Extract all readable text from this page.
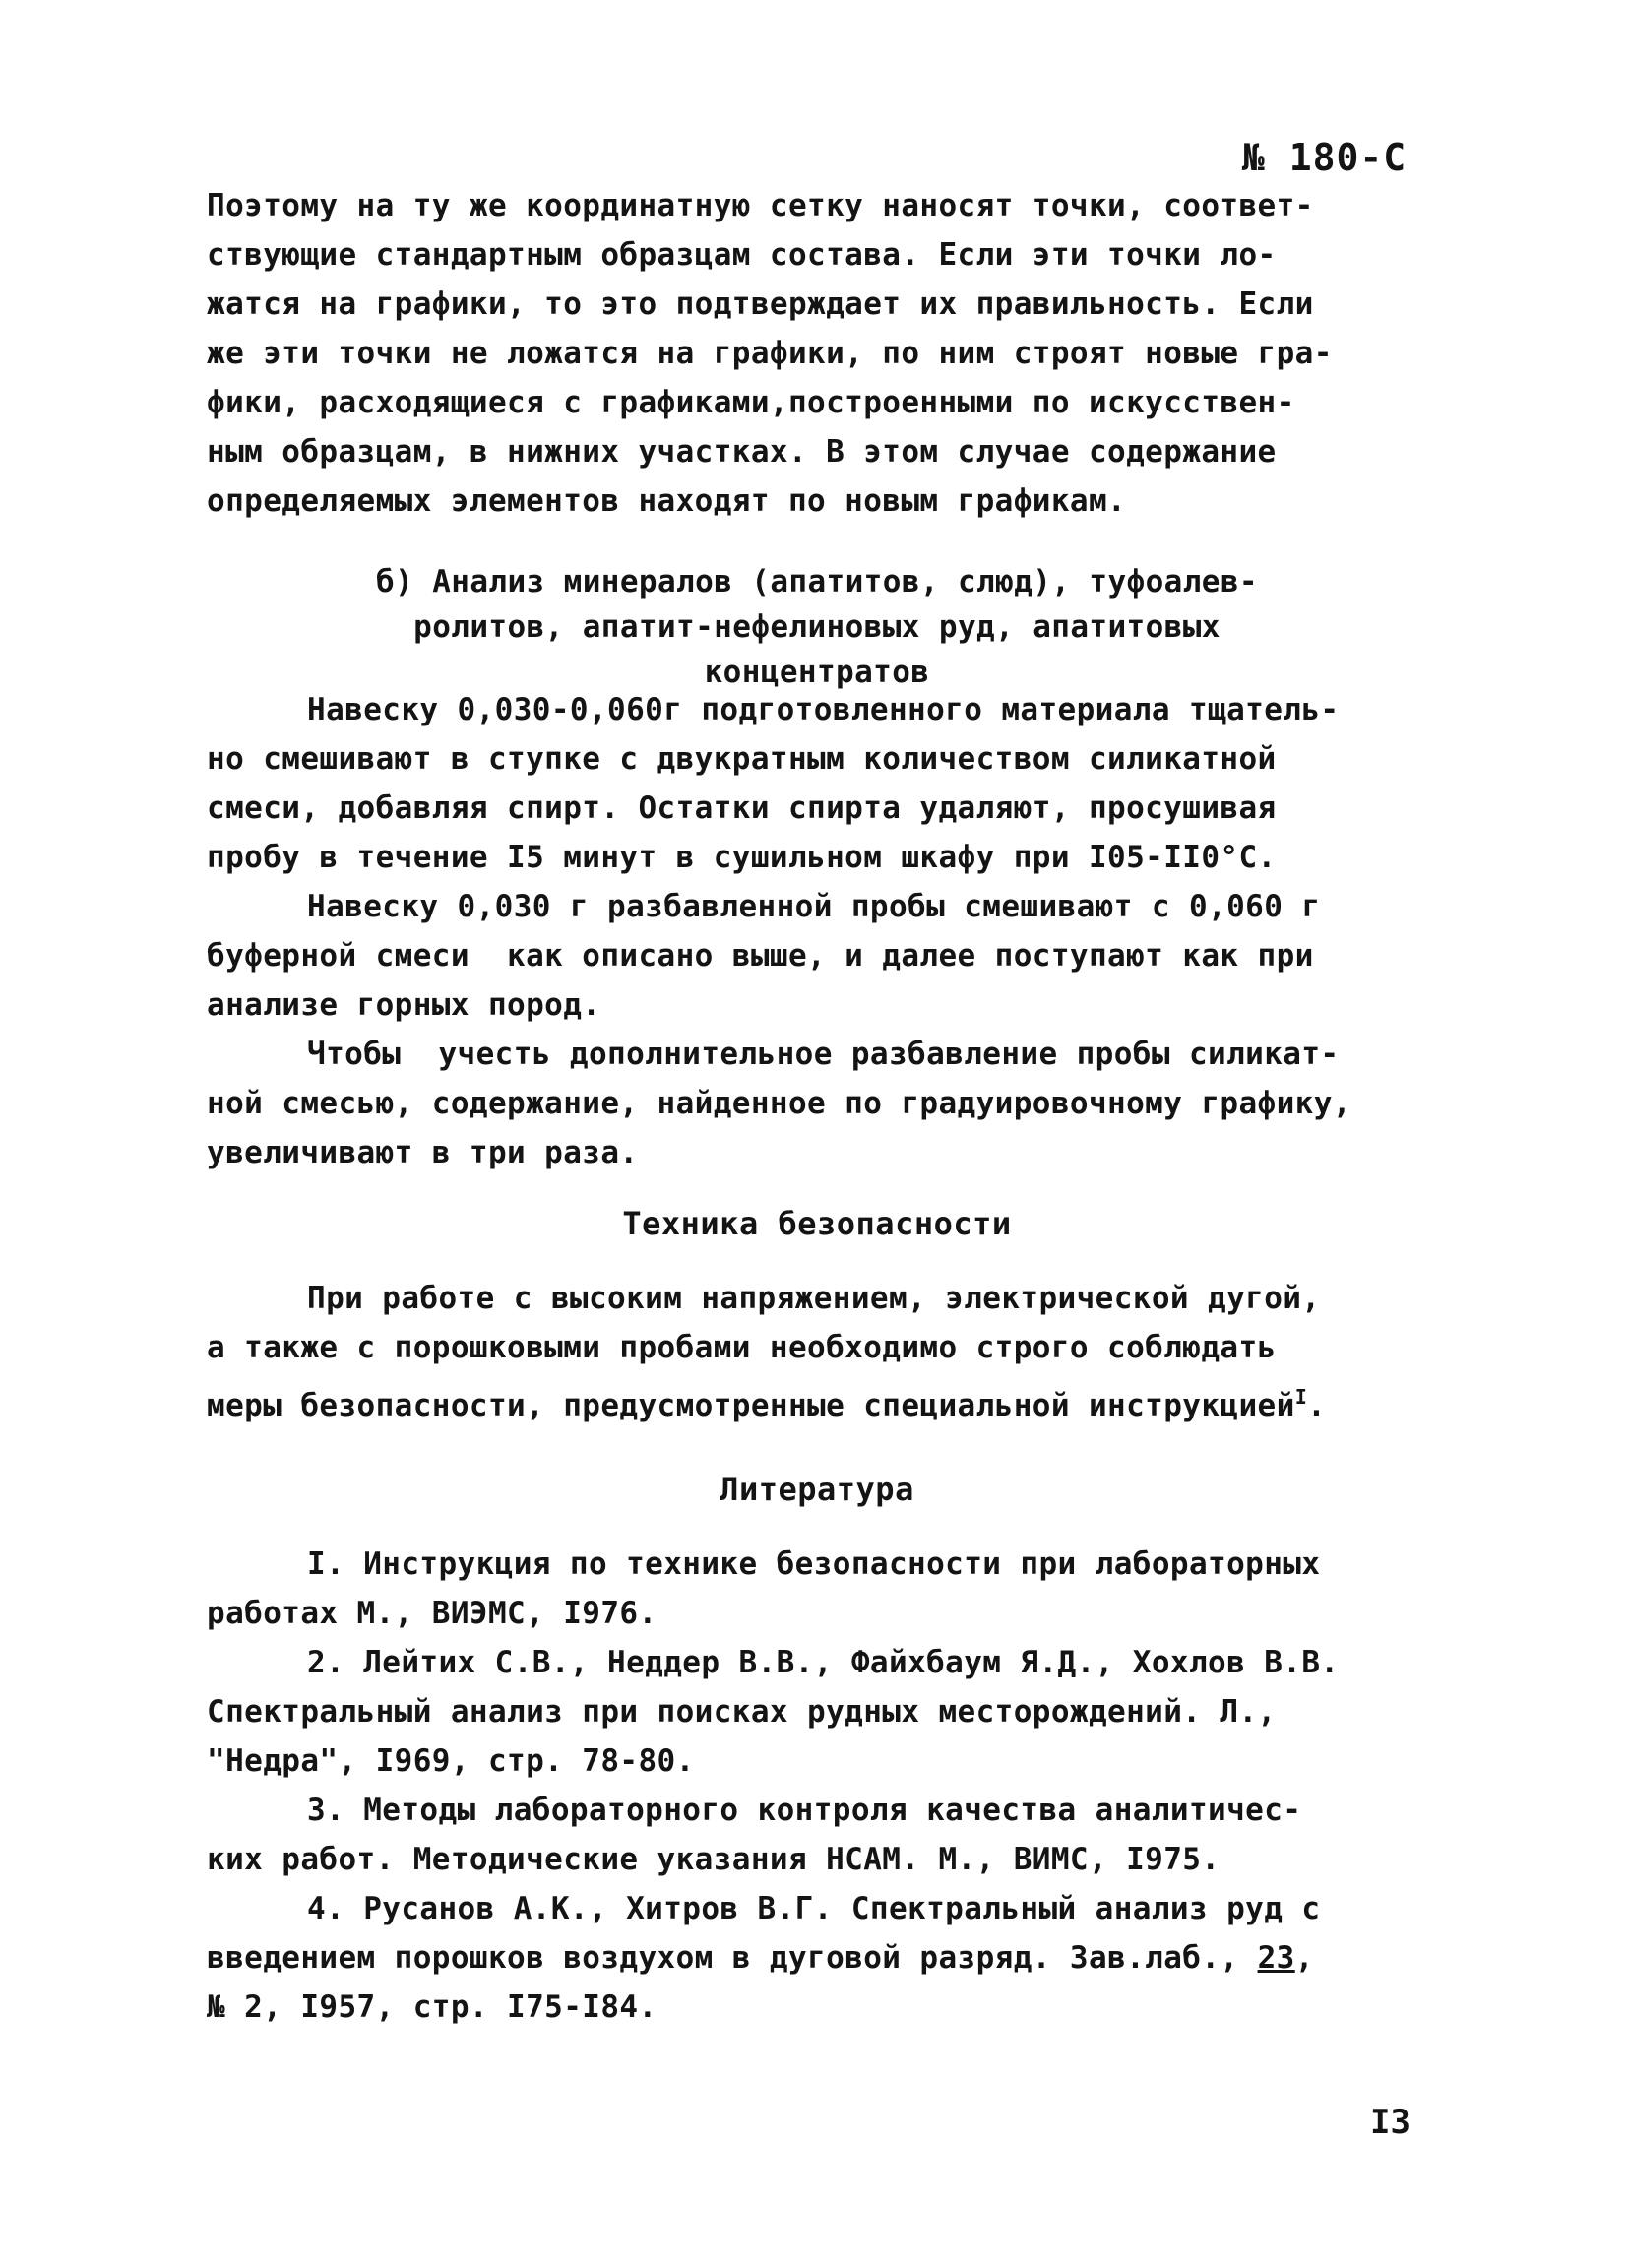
№ 180-С
Поэтому на ту же координатную сетку наносят точки, соответ-
ствующие стандартным образцам состава. Если эти точки ло-
жатся на графики, то это подтверждает их правильность. Если
же эти точки не ложатся на графики, по ним строят новые гра-
фики, расходящиеся с графиками,построенными по искусствен-
ным образцам, в нижних участках. В этом случае содержание
определяемых элементов находят по новым графикам.
б) Анализ минералов (апатитов, слюд), туфоалев-
ролитов, апатит-нефелиновых руд, апатитовых
концентратов
Навеску 0,030-0,060г подготовленного материала тщатель-
но смешивают в ступке с двукратным количеством силикатной
смеси, добавляя спирт. Остатки спирта удаляют, просушивая
пробу в течение I5 минут в сушильном шкафу при I05-II0°С.
Навеску 0,030 г разбавленной пробы смешивают с 0,060 г
буферной смеси  как описано выше, и далее поступают как при
анализе горных пород.
Чтобы  учесть дополнительное разбавление пробы силикат-
ной смесью, содержание, найденное по градуировочному графику,
увеличивают в три раза.
Техника безопасности
При работе с высоким напряжением, электрической дугой,
а также с порошковыми пробами необходимо строго соблюдать
меры безопасности, предусмотренные специальной инструкцией$^I$.
Литература
I. Инструкция по технике безопасности при лабораторных
работах М., ВИЭМС, I976.
2. Лейтих С.В., Неддер В.В., Файхбаум Я.Д., Хохлов В.В.
Спектральный анализ при поисках рудных месторождений. Л.,
"Недра", I969, стр. 78-80.
3. Методы лабораторного контроля качества аналитичес-
ких работ. Методические указания НСАМ. М., ВИМС, I975.
4. Русанов А.К., Хитров В.Г. Спектральный анализ руд с
введением порошков воздухом в дуговой разряд. Зав.лаб., 23,
№ 2, I957, стр. I75-I84.
I3
